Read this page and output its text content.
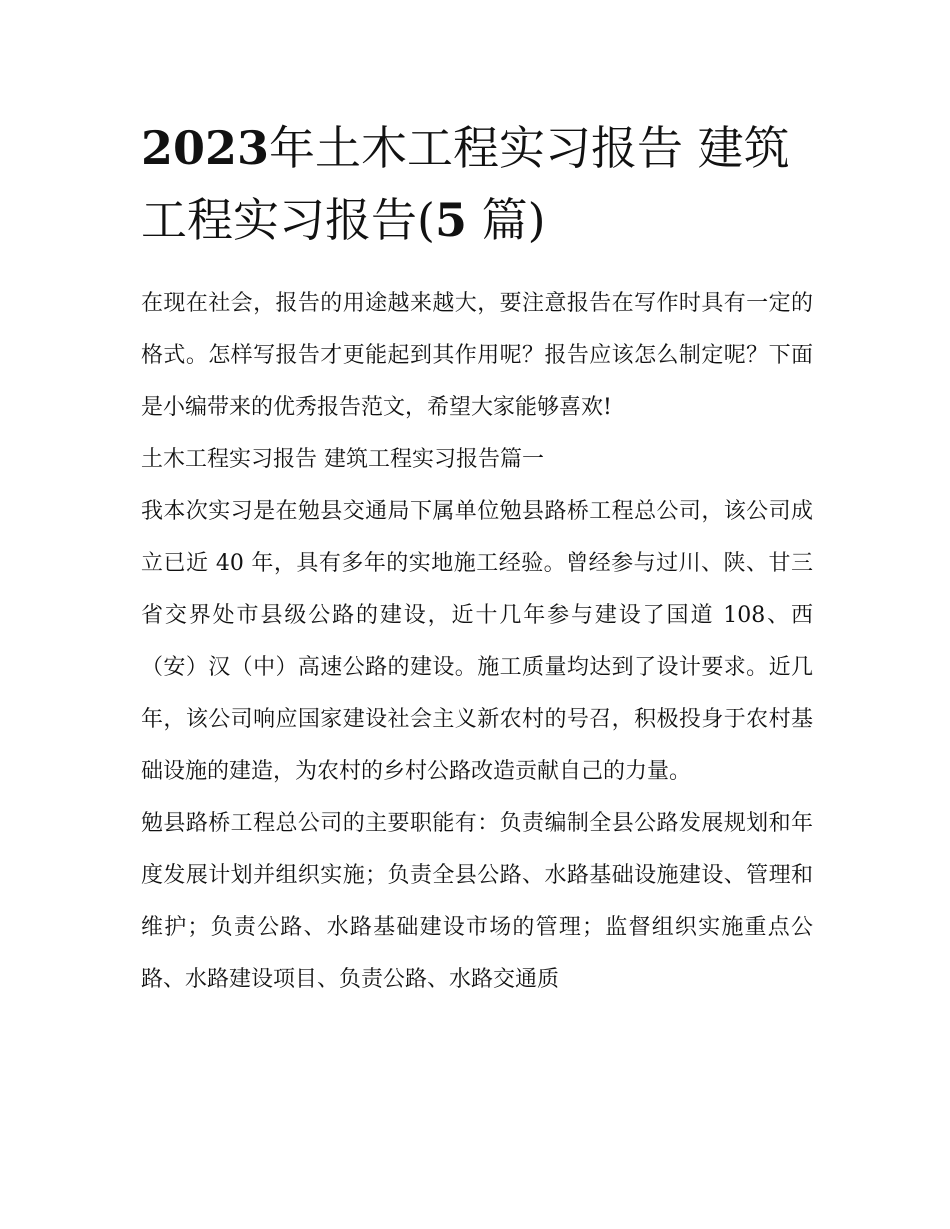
2023年土木工程实习报告 建筑工程实习报告(5 篇)

在现在社会，报告的用途越来越大，要注意报告在写作时具有一定的格式。怎样写报告才更能起到其作用呢？报告应该怎么制定呢？下面是小编带来的优秀报告范文，希望大家能够喜欢!

土木工程实习报告 建筑工程实习报告篇一

我本次实习是在勉县交通局下属单位勉县路桥工程总公司，该公司成立已近 40 年，具有多年的实地施工经验。曾经参与过川、陕、甘三省交界处市县级公路的建设，近十几年参与建设了国道 108、西（安）汉（中）高速公路的建设。施工质量均达到了设计要求。近几年，该公司响应国家建设社会主义新农村的号召，积极投身于农村基础设施的建造，为农村的乡村公路改造贡献自己的力量。

勉县路桥工程总公司的主要职能有：负责编制全县公路发展规划和年度发展计划并组织实施；负责全县公路、水路基础设施建设、管理和维护；负责公路、水路基础建设市场的管理；监督组织实施重点公路、水路建设项目、负责公路、水路交通质
